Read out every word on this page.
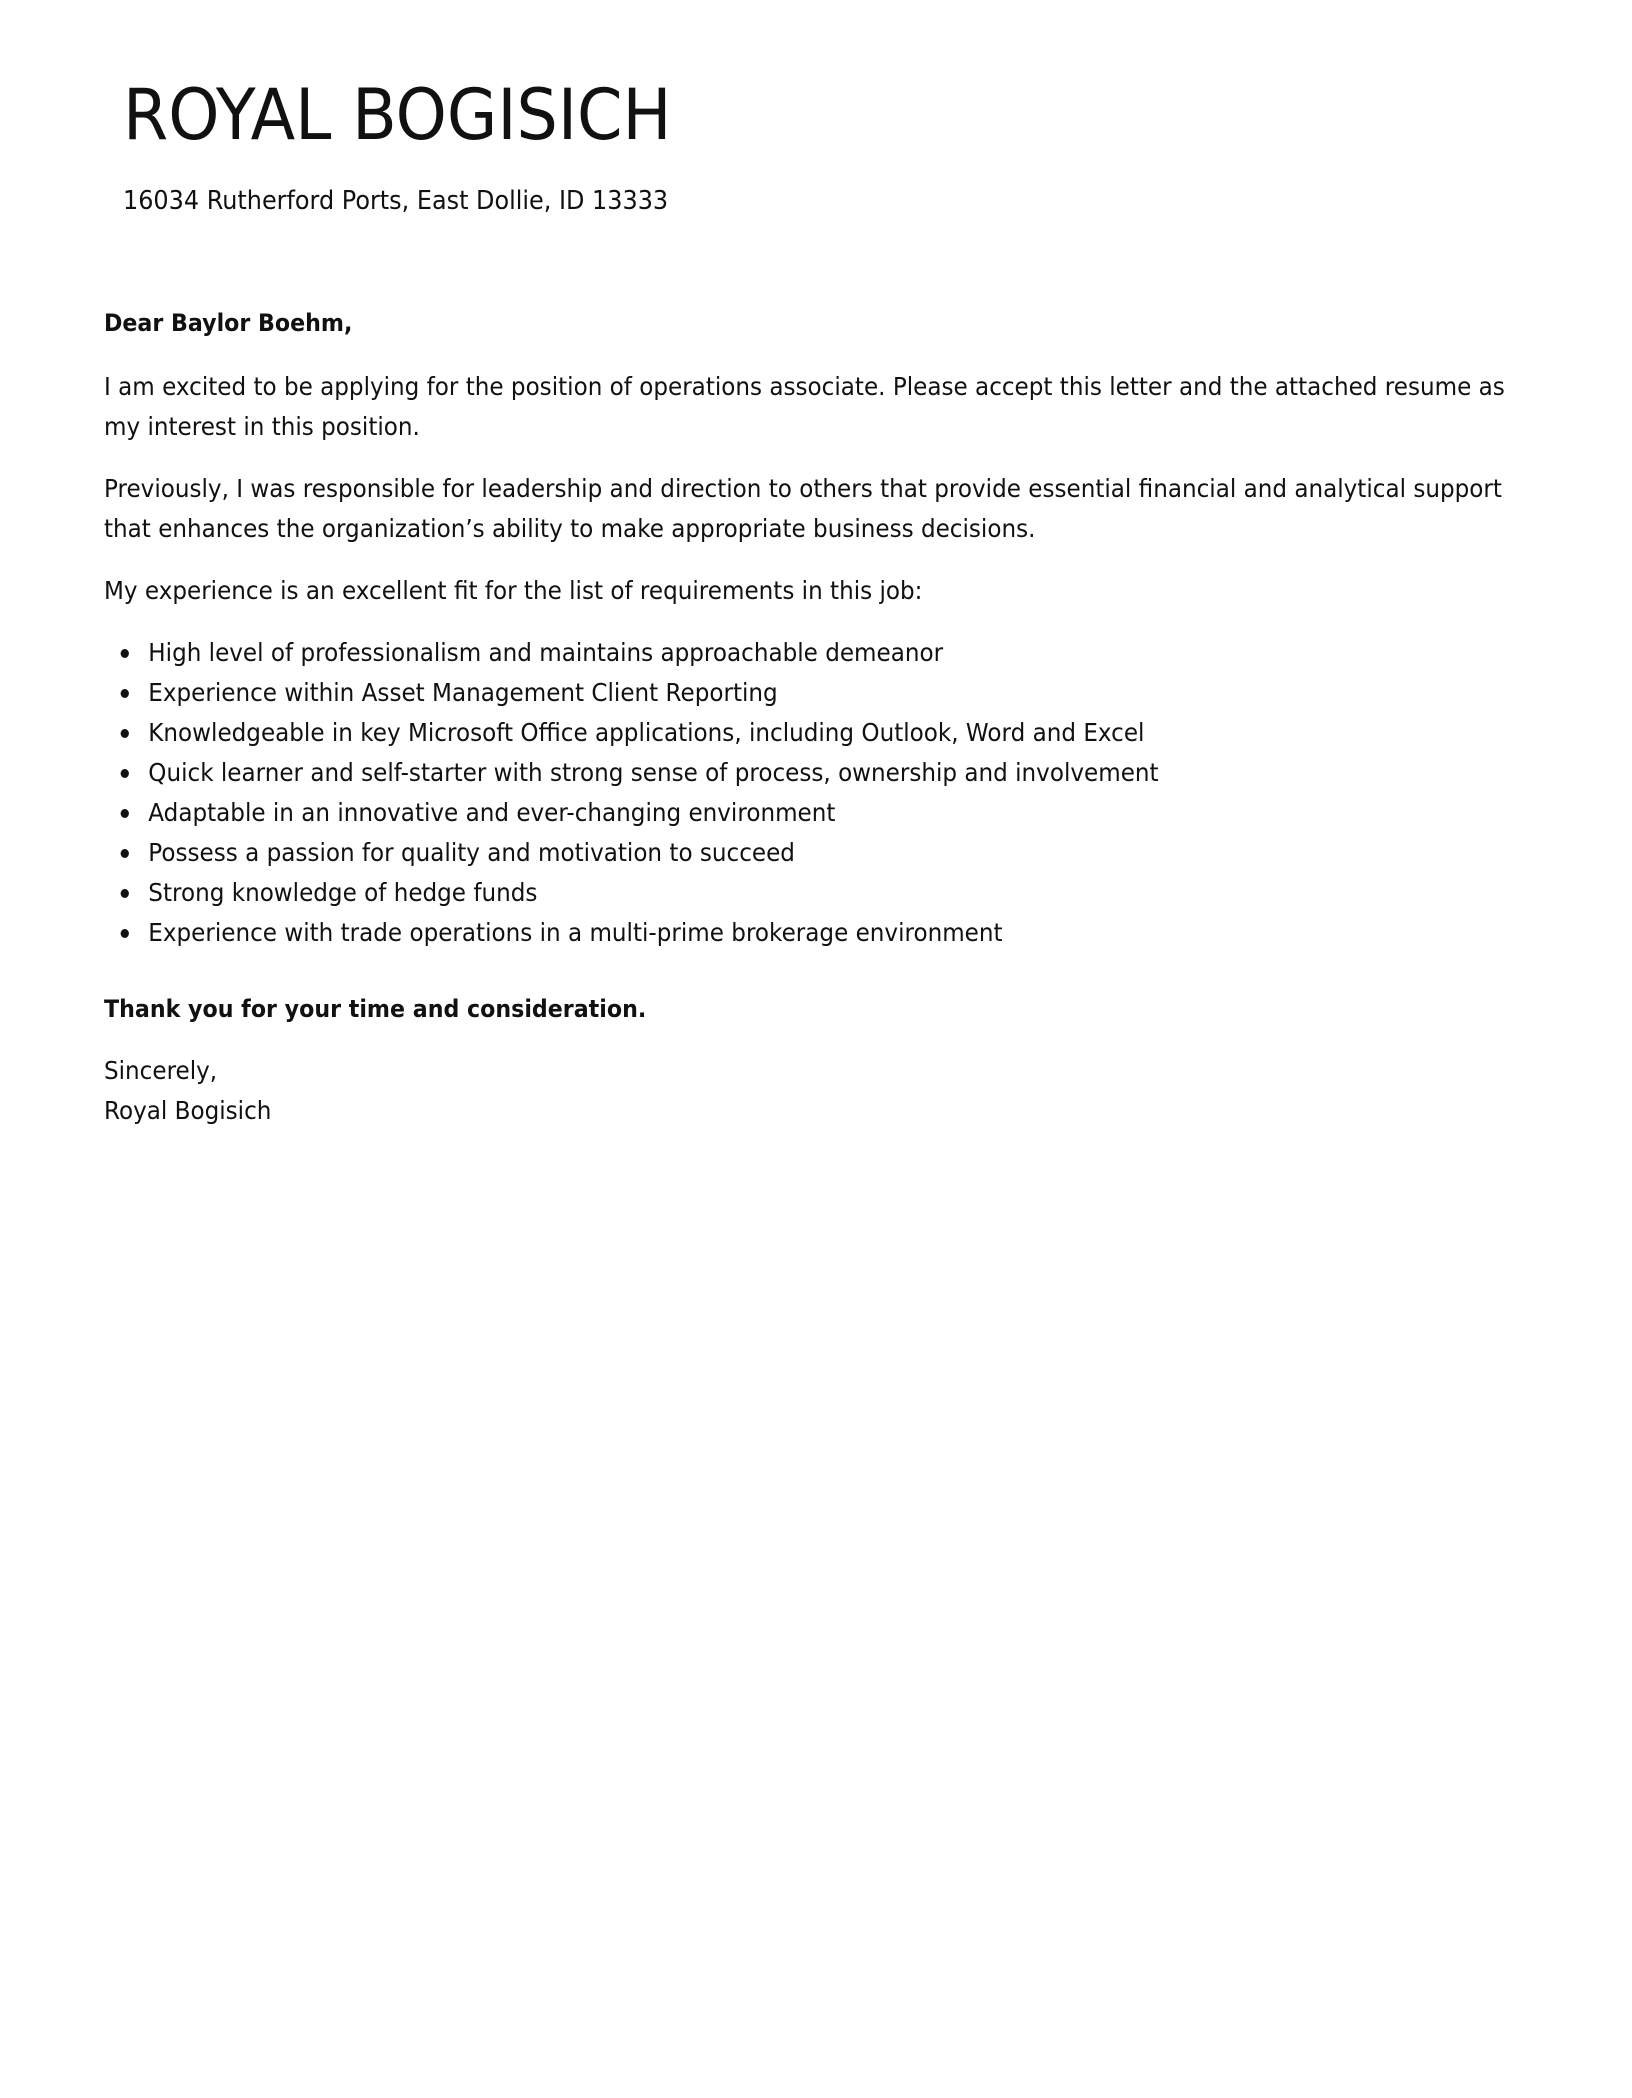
ROYAL BOGISICH

16034 Rutherford Ports, East Dollie, ID 13333

Dear Baylor Boehm,

I am excited to be applying for the position of operations associate. Please accept this letter and the attached resume as my interest in this position.

Previously, I was responsible for leadership and direction to others that provide essential financial and analytical support that enhances the organization’s ability to make appropriate business decisions.

My experience is an excellent fit for the list of requirements in this job:

High level of professionalism and maintains approachable demeanor
Experience within Asset Management Client Reporting
Knowledgeable in key Microsoft Office applications, including Outlook, Word and Excel
Quick learner and self-starter with strong sense of process, ownership and involvement
Adaptable in an innovative and ever-changing environment
Possess a passion for quality and motivation to succeed
Strong knowledge of hedge funds
Experience with trade operations in a multi-prime brokerage environment

Thank you for your time and consideration.

Sincerely,

Royal Bogisich
